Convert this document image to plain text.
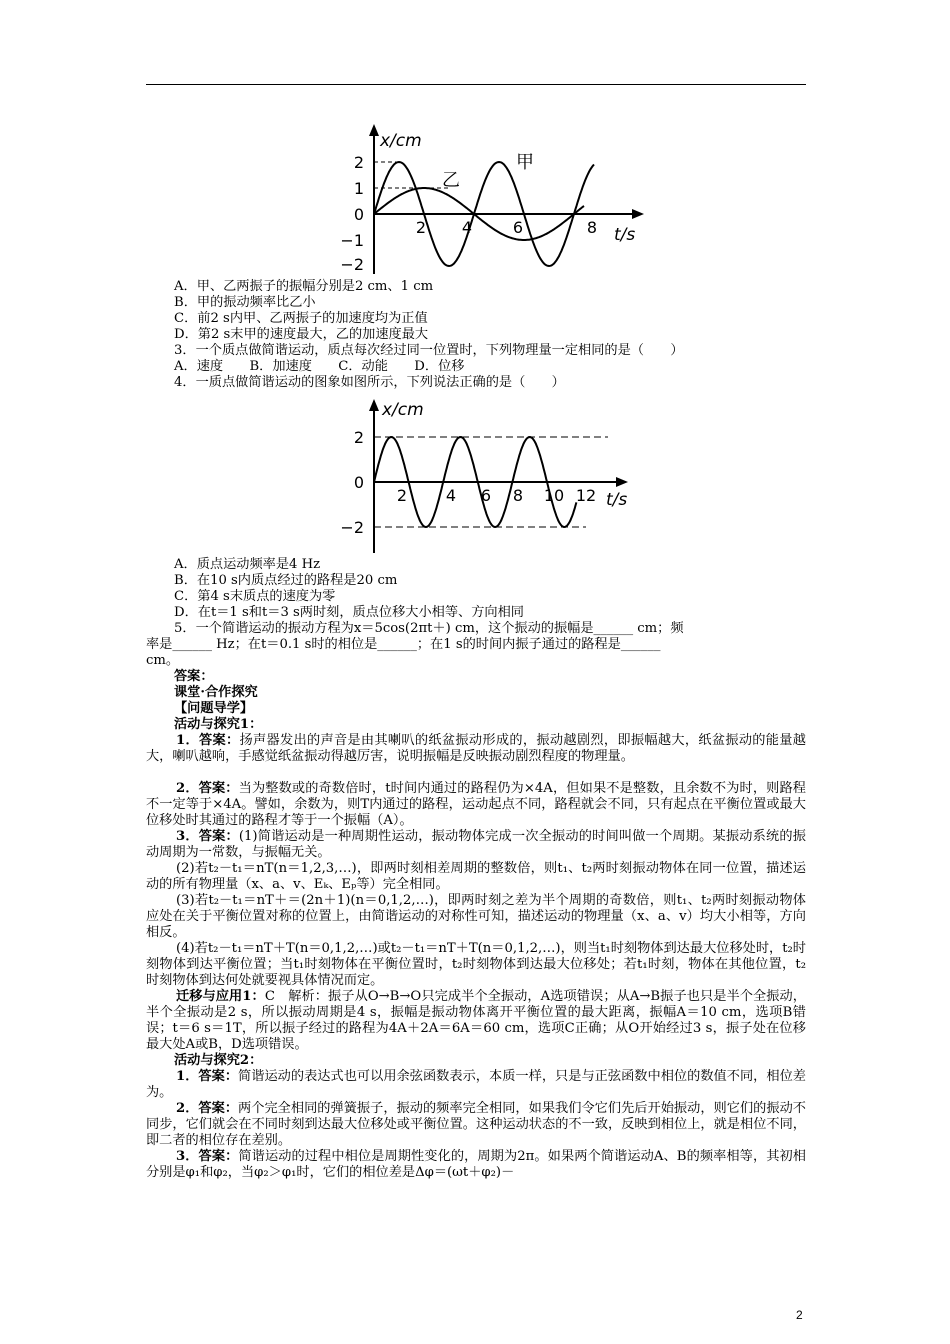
x/cm
t/s
2
1
0
−1
−2
2 4	6	8
甲
乙
A．甲、乙两振子的振幅分别是2 cm、1 cm
B．甲的振动频率比乙小
C．前2 s内甲、乙两振子的加速度均为正值
D．第2 s末甲的速度最大，乙的加速度最大
3．一个质点做简谐运动，质点每次经过同一位置时，下列物理量一定相同的是（　　）
A．速度　　B．加速度　　C．动能　　D．位移
4．一质点做简谐运动的图象如图所示，下列说法正确的是（　　）
x/cm
t/s
2
0
−2
2 4 6 8 10 12
A．质点运动频率是4 Hz
B．在10 s内质点经过的路程是20 cm
C．第4 s末质点的速度为零
D．在t＝1 s和t＝3 s两时刻，质点位移大小相等、方向相同
5．一个简谐运动的振动方程为x＝5cos(2πt＋) cm，这个振动的振幅是______ cm；频
率是______ Hz；在t＝0.1 s时的相位是______；在1 s的时间内振子通过的路程是______
cm。
答案：
课堂·合作探究
【问题导学】
活动与探究1：
1．答案：扬声器发出的声音是由其喇叭的纸盆振动形成的，振动越剧烈，即振幅越大，纸盆振动的能量越大，喇叭越响，手感觉纸盆振动得越厉害，说明振幅是反映振动剧烈程度的物理量。
2．答案：当为整数或的奇数倍时，t时间内通过的路程仍为×4A，但如果不是整数，且余数不为时，则路程不一定等于×4A。譬如，余数为，则T内通过的路程，运动起点不同，路程就会不同，只有起点在平衡位置或最大位移处时其通过的路程才等于一个振幅（A）。
3．答案：(1)简谐运动是一种周期性运动，振动物体完成一次全振动的时间叫做一个周期。某振动系统的振动周期为一常数，与振幅无关。
(2)若t₂－t₁＝nT(n＝1,2,3,…)，即两时刻相差周期的整数倍，则t₁、t₂两时刻振动物体在同一位置，描述运动的所有物理量（x、a、v、Eₖ、Eₚ等）完全相同。
(3)若t₂－t₁＝nT＋＝(2n＋1)(n＝0,1,2,…)，即两时刻之差为半个周期的奇数倍，则t₁、t₂两时刻振动物体应处在关于平衡位置对称的位置上，由简谐运动的对称性可知，描述运动的物理量（x、a、v）均大小相等，方向相反。
(4)若t₂－t₁＝nT＋T(n＝0,1,2,…)或t₂－t₁＝nT＋T(n＝0,1,2,…)，则当t₁时刻物体到达最大位移处时，t₂时刻物体到达平衡位置；当t₁时刻物体在平衡位置时，t₂时刻物体到达最大位移处；若t₁时刻，物体在其他位置，t₂时刻物体到达何处就要视具体情况而定。
迁移与应用1：C　解析：振子从O→B→O只完成半个全振动，A选项错误；从A→B振子也只是半个全振动，半个全振动是2 s，所以振动周期是4 s，振幅是振动物体离开平衡位置的最大距离，振幅A＝10 cm，选项B错误；t＝6 s＝1T，所以振子经过的路程为4A＋2A＝6A＝60 cm，选项C正确；从O开始经过3 s，振子处在位移最大处A或B，D选项错误。
活动与探究2：
1．答案：简谐运动的表达式也可以用余弦函数表示，本质一样，只是与正弦函数中相位的数值不同，相位差为。
2．答案：两个完全相同的弹簧振子，振动的频率完全相同，如果我们令它们先后开始振动，则它们的振动不同步，它们就会在不同时刻到达最大位移处或平衡位置。这种运动状态的不一致，反映到相位上，就是相位不同，即二者的相位存在差别。
3．答案：简谐运动的过程中相位是周期性变化的，周期为2π。如果两个简谐运动A、B的频率相等，其初相分别是φ₁和φ₂，当φ₂＞φ₁时，它们的相位差是Δφ＝(ωt＋φ₂)－
2
